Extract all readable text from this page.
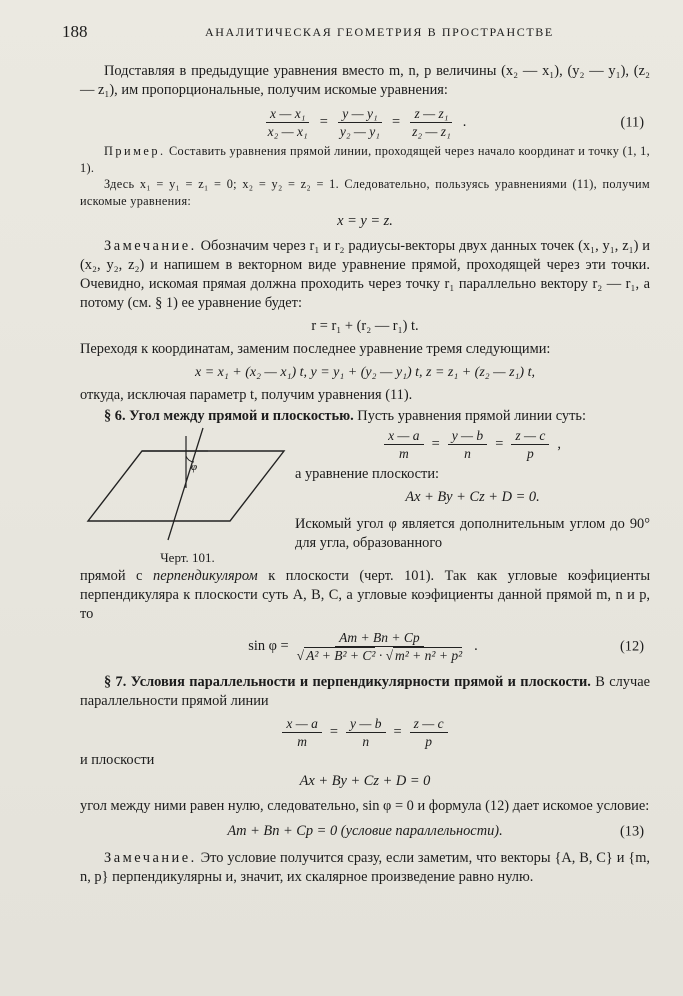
188	АНАЛИТИЧЕСКАЯ ГЕОМЕТРИЯ В ПРОСТРАНСТВЕ

Подставляя в предыдущие уравнения вместо m, n, p величины (x₂ — x₁), (y₂ — y₁), (z₂ — z₁), им пропорциональные, получим искомые уравнения:

$\frac{\text{x — x₁}}{\text{x₂ — x₁}} = \frac{\text{y — y₁}}{\text{y₂ — y₁}} = \frac{\text{z — z₁}}{\text{z₂ — z₁}}$ .	(11)

Пример. Составить уравнения прямой линии, проходящей через начало координат и точку (1, 1, 1).

Здесь x₁ = y₁ = z₁ = 0; x₂ = y₂ = z₂ = 1. Следовательно, пользуясь уравнениями (11), получим искомые уравнения:

x = y = z.

Замечание. Обозначим через r₁ и r₂ радиусы-векторы двух данных точек (x₁, y₁, z₁) и (x₂, y₂, z₂) и напишем в векторном виде уравнение прямой, проходящей через эти точки. Очевидно, искомая прямая должна проходить через точку r₁ параллельно вектору r₂ — r₁, а потому (см. § 1) ее уравнение будет:

r = r₁ + (r₂ — r₁) t.

Переходя к координатам, заменим последнее уравнение тремя следующими:

x = x₁ + (x₂ — x₁) t, y = y₁ + (y₂ — y₁) t, z = z₁ + (z₂ — z₁) t,

откуда, исключая параметр t, получим уравнения (11).

§ 6. Угол между прямой и плоскостью. Пусть уравнения прямой линии суть:

φ
Черт. 101.
$\frac{x — a}{m} = \frac{y — b}{n} = \frac{z — c}{p}$ ,

а уравнение плоскости:

Ax + By + Cz + D = 0.

Искомый угол φ является дополнительным углом до 90° для угла, образованного

прямой с перпендикуляром к плоскости (черт. 101). Так как угловые коэфициенты перпендикуляра к плоскости суть A, B, C, а угловые коэфициенты данной прямой m, n и p, то

$\sin \varphi = \frac{Am + Bn + Cp}{\text{√ A² + B² + C² · √ m² + n² + p²}}$ .	(12)

§ 7. Условия параллельности и перпендикулярности прямой и плоскости. В случае параллельности прямой линии

$\frac{x — a}{m} = \frac{y — b}{n} = \frac{z — c}{p}$

и плоскости

Ax + By + Cz + D = 0

угол между ними равен нулю, следовательно, sin φ = 0 и формула (12) дает искомое условие:

Am + Bn + Cp = 0 (условие параллельности).	(13)

Замечание. Это условие получится сразу, если заметим, что векторы {A, B, C} и {m, n, p} перпендикулярны и, значит, их скалярное произведение равно нулю.
